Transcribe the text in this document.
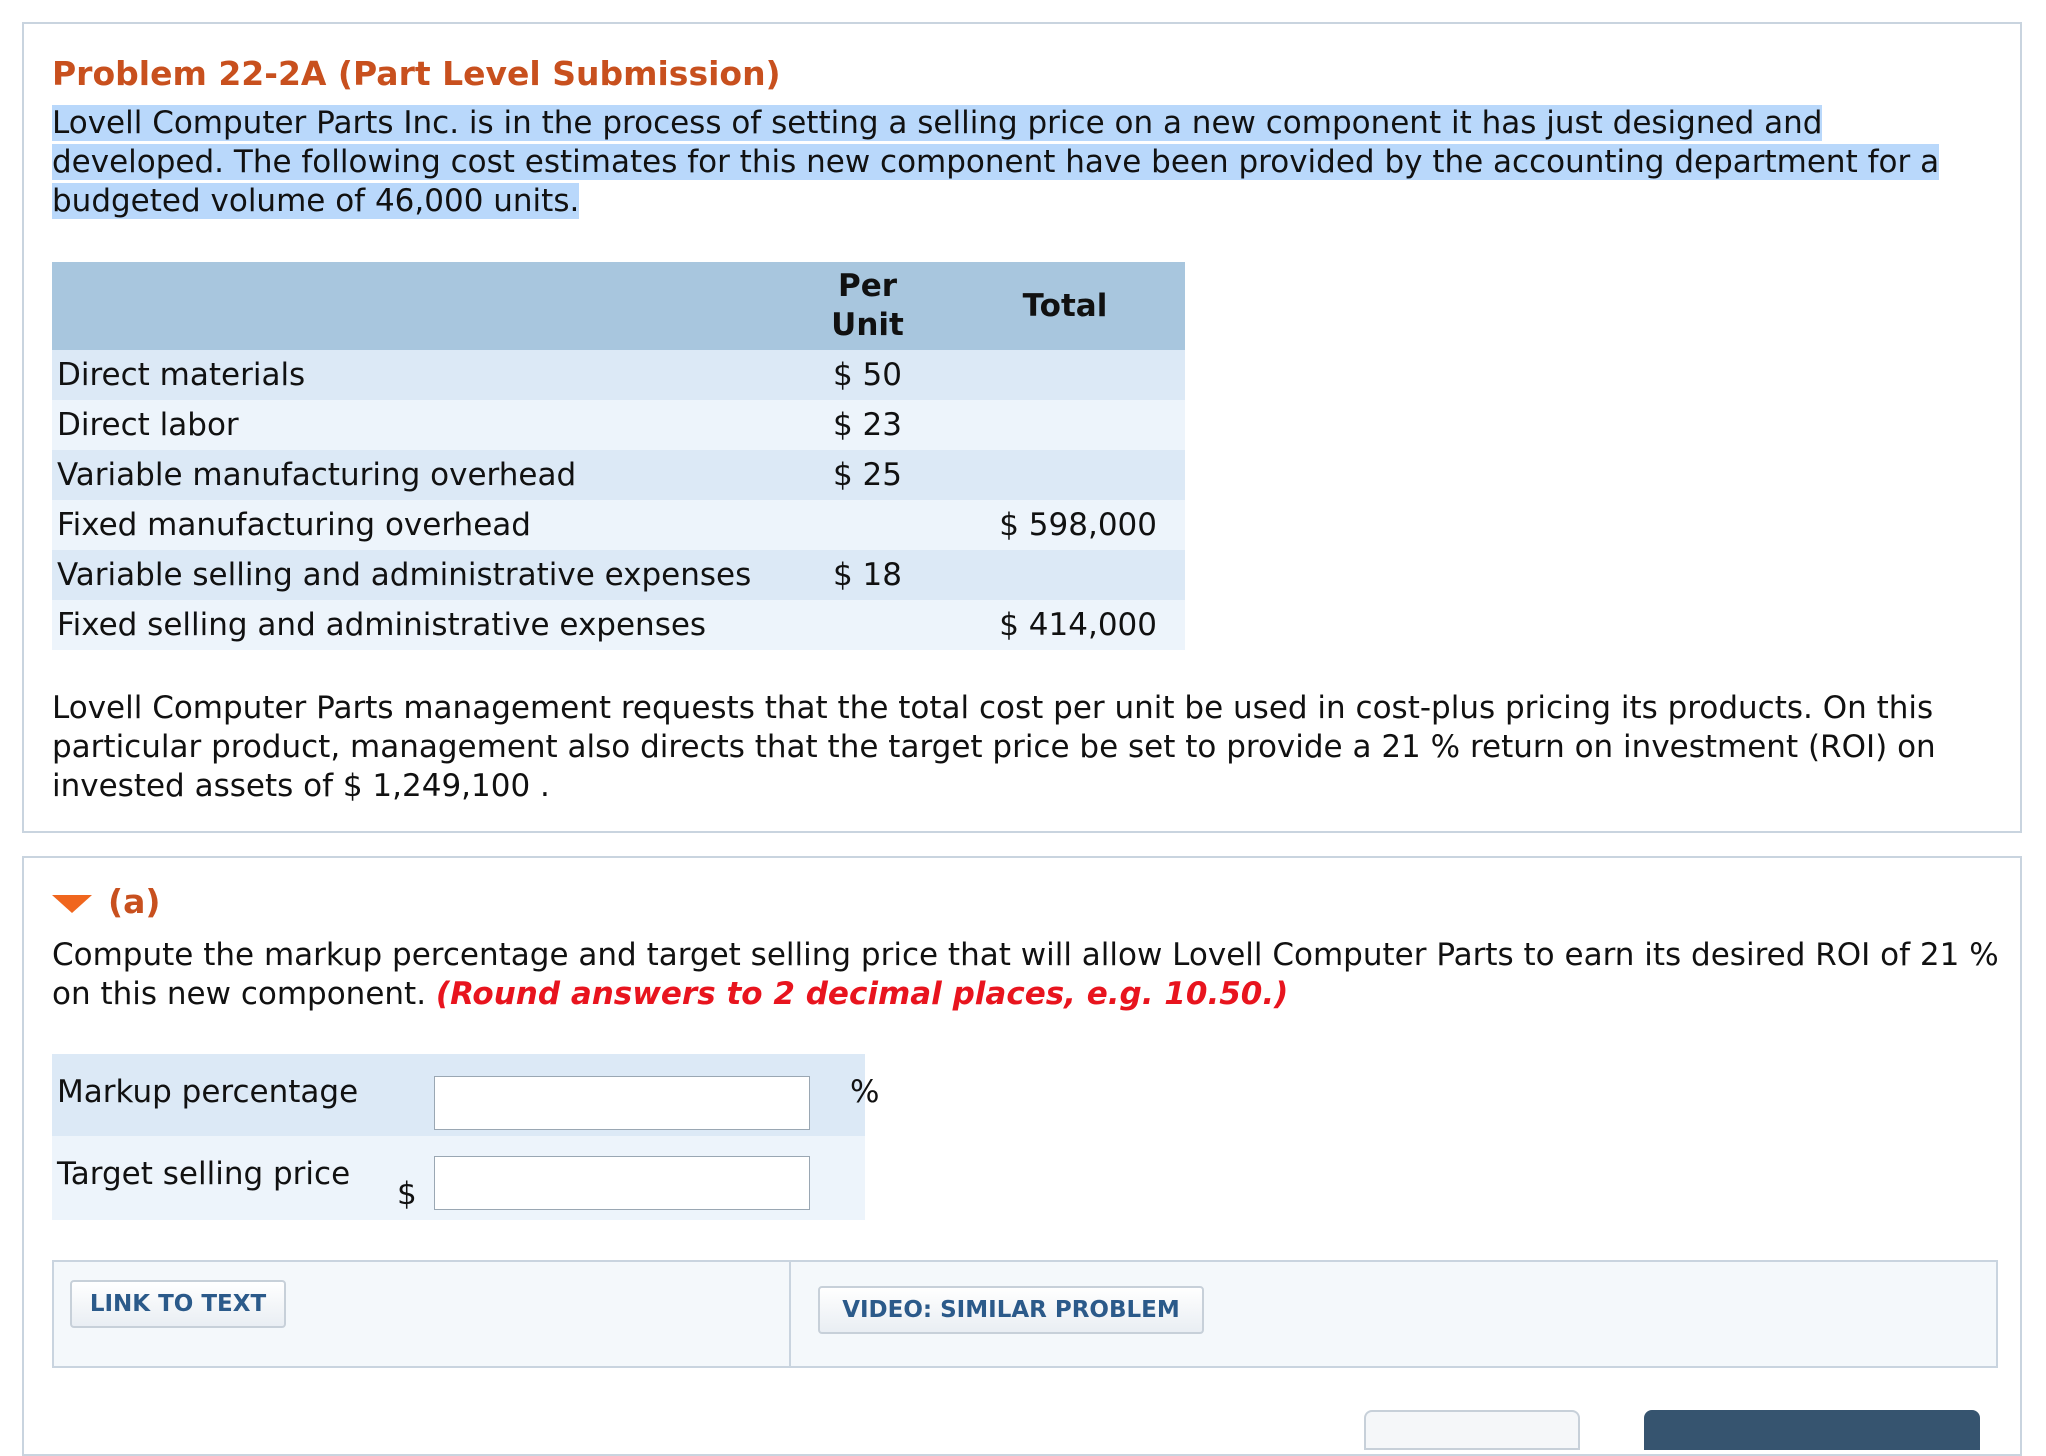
Problem 22-2A (Part Level Submission)
Lovell Computer Parts Inc. is in the process of setting a selling price on a new component it has just designed and developed. The following cost estimates for this new component have been provided by the accounting department for a budgeted volume of 46,000 units.
	Per Unit	Total
Direct materials	$ 50	
Direct labor	$ 23	
Variable manufacturing overhead	$ 25	
Fixed manufacturing overhead		$ 598,000
Variable selling and administrative expenses	$ 18	
Fixed selling and administrative expenses		$ 414,000
Lovell Computer Parts management requests that the total cost per unit be used in cost-plus pricing its products. On this particular product, management also directs that the target price be set to provide a 21 % return on investment (ROI) on invested assets of $ 1,249,100 .
(a)
Compute the markup percentage and target selling price that will allow Lovell Computer Parts to earn its desired ROI of 21 % on this new component. (Round answers to 2 decimal places, e.g. 10.50.)
Markup percentage	%
Target selling price
$
LINK TO TEXT	VIDEO: SIMILAR PROBLEM
